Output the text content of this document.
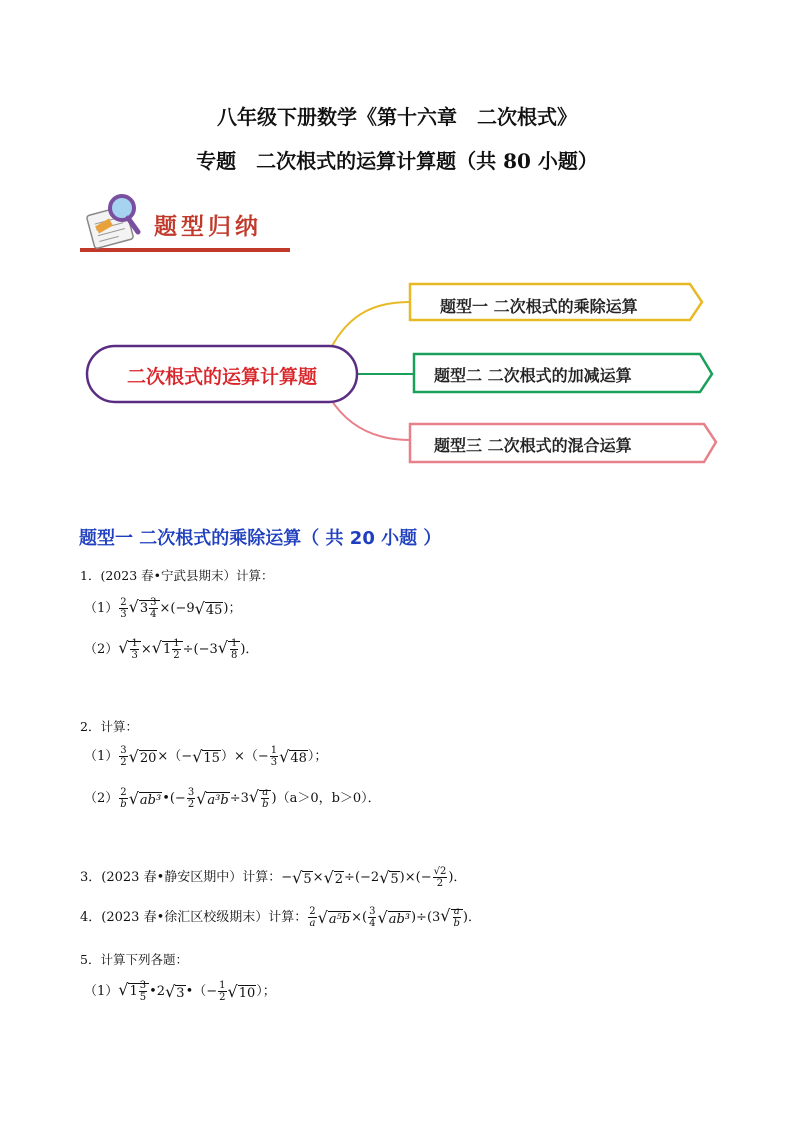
八年级下册数学《第十六章　二次根式》
专题　二次根式的运算计算题（共 80 小题）
题型归纳
二次根式的运算计算题
题型一 二次根式的乘除运算
题型二 二次根式的加减运算
题型三 二次根式的混合运算
题型一 二次根式的乘除运算（ 共 20 小题 ）
1．(2023 春•宁武县期末）计算：
$(1) \frac{2}{3} √3 \frac{3}{4} \times(-9√45)$；
$(2)√ \frac{1}{3} \times√1 \frac{1}{2} \div(-3√ \frac{1}{8}$ )．
2．计算：
$(1) \frac{3}{2} √20\times(-√15)\times(- \frac{1}{3} √48)$；
$(2) \frac{2}{b}$ √ab³•(− $\frac{3}{2} √a^3b\div 3√ \frac{a}{b} )(a>0$，b＞0）．
3．(2023 春•静安区期中）计算：$-√5\times√2\div(-2√5)\times(- \frac{√2}{2}$ )．
4．(2023 春•徐汇区校级期末）计算： $\frac{2}{a} √a^5b\times( \frac{3}{4} √ab^3)\div(3√ \frac{a}{b}$ )．
5．计算下列各题：
$(1)√1 \frac{3}{5}$ •2√3•（− $\frac{1}{2} √10$）；
